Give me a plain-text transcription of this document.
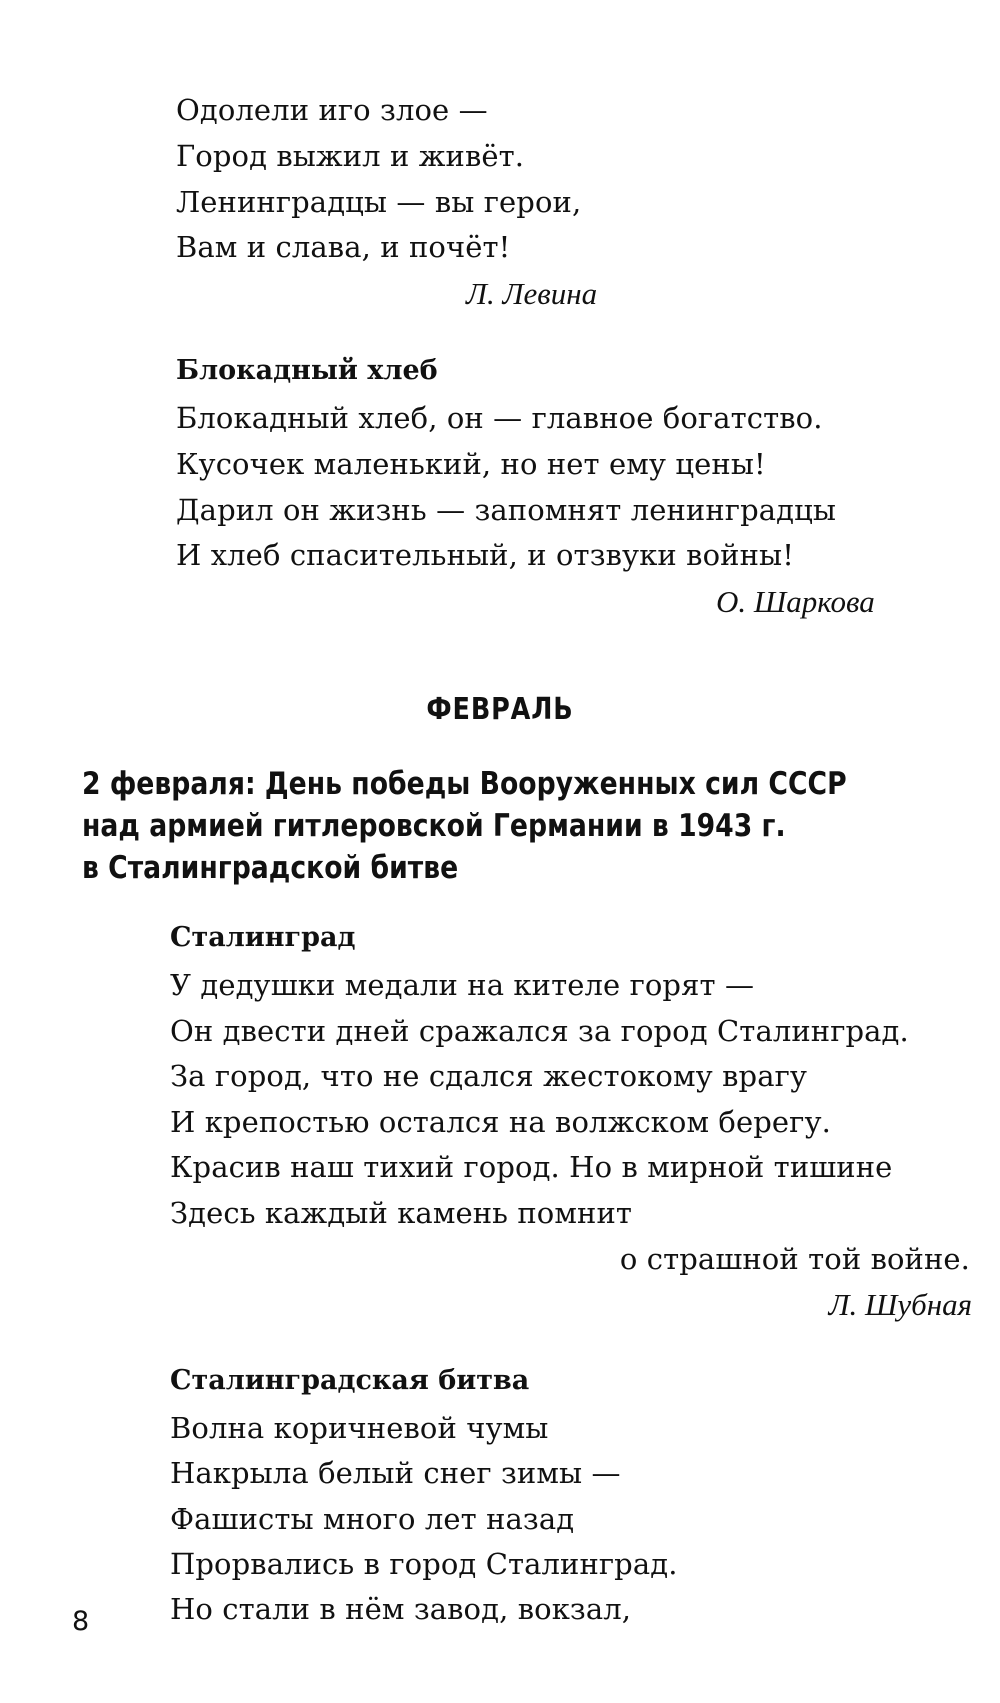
Одолели иго злое —
Город выжил и живёт.
Ленинградцы — вы герои,
Вам и слава, и почёт!
Л. Левина
Блокадный хлеб
Блокадный хлеб, он — главное богатство.
Кусочек маленький, но нет ему цены!
Дарил он жизнь — запомнят ленинградцы
И хлеб спасительный, и отзвуки войны!
О. Шаркова
ФЕВРАЛЬ
2 февраля: День победы Вооруженных сил СССР
над армией гитлеровской Германии в 1943 г.
в Сталинградской битве
Сталинград
У дедушки медали на кителе горят —
Он двести дней сражался за город Сталинград.
За город, что не сдался жестокому врагу
И крепостью остался на волжском берегу.
Красив наш тихий город. Но в мирной тишине
Здесь каждый камень помнит
о страшной той войне.
Л. Шубная
Сталинградская битва
Волна коричневой чумы
Накрыла белый снег зимы —
Фашисты много лет назад
Прорвались в город Сталинград.
Но стали в нём завод, вокзал,
8
